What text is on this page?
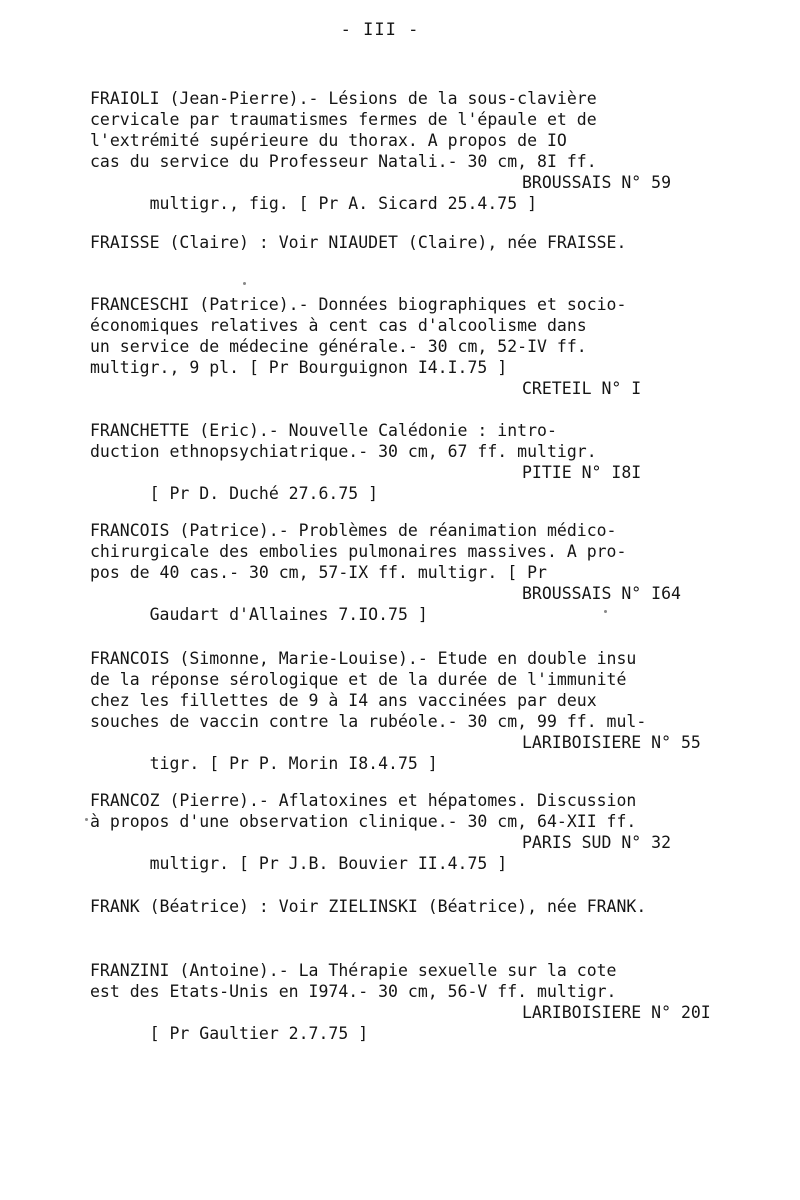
- III -
FRAIOLI (Jean-Pierre).- Lésions de la sous-clavière
cervicale par traumatismes fermes de l'épaule et de
l'extrémité supérieure du thorax. A propos de IO
cas du service du Professeur Natali.- 30 cm, 8I ff.

multigr., fig. [ Pr A. Sicard 25.4.75 ]

BROUSSAIS N° 59

FRAISSE (Claire) : Voir NIAUDET (Claire), née FRAISSE.
FRANCESCHI (Patrice).- Données biographiques et socio-
économiques relatives à cent cas d'alcoolisme dans
un service de médecine générale.- 30 cm, 52-IV ff.
multigr., 9 pl. [ Pr Bourguignon I4.I.75 ]

CRETEIL N° I

FRANCHETTE (Eric).- Nouvelle Calédonie : intro-
duction ethnopsychiatrique.- 30 cm, 67 ff. multigr.

[ Pr D. Duché 27.6.75 ]

PITIE N° I8I

FRANCOIS (Patrice).- Problèmes de réanimation médico-
chirurgicale des embolies pulmonaires massives. A pro-
pos de 40 cas.- 30 cm, 57-IX ff. multigr. [ Pr

Gaudart d'Allaines 7.IO.75 ]

BROUSSAIS N° I64

FRANCOIS (Simonne, Marie-Louise).- Etude en double insu
de la réponse sérologique et de la durée de l'immunité
chez les fillettes de 9 à I4 ans vaccinées par deux
souches de vaccin contre la rubéole.- 30 cm, 99 ff. mul-

tigr. [ Pr P. Morin I8.4.75 ]

LARIBOISIERE N° 55

FRANCOZ (Pierre).- Aflatoxines et hépatomes. Discussion
à propos d'une observation clinique.- 30 cm, 64-XII ff.

multigr. [ Pr J.B. Bouvier II.4.75 ]

PARIS SUD N° 32

FRANK (Béatrice) : Voir ZIELINSKI (Béatrice), née FRANK.
FRANZINI (Antoine).- La Thérapie sexuelle sur la cote
est des Etats-Unis en I974.- 30 cm, 56-V ff. multigr.

[ Pr Gaultier 2.7.75 ]

LARIBOISIERE N° 20I
